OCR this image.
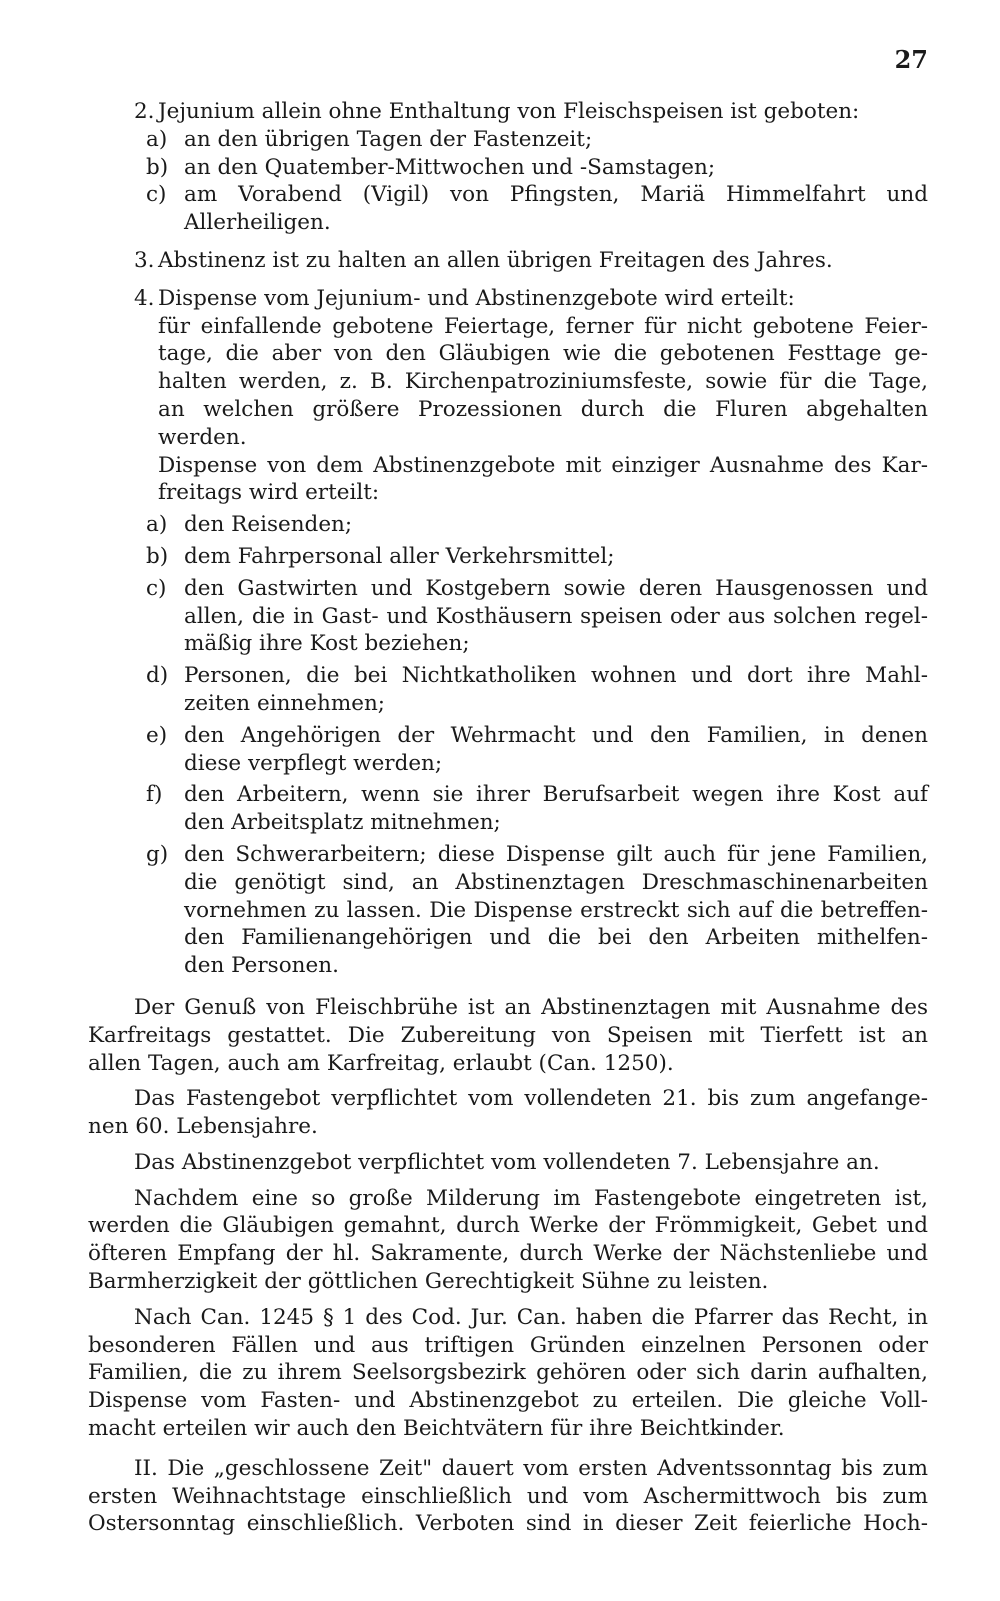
27
2. Jejunium allein ohne Enthaltung von Fleischspeisen ist geboten:
a) an den übrigen Tagen der Fastenzeit;
b) an den Quatember-Mittwochen und -Samstagen;
c) am Vorabend (Vigil) von Pfingsten, Mariä Himmelfahrt und
Allerheiligen.
3. Abstinenz ist zu halten an allen übrigen Freitagen des Jahres.
4. Dispense vom Jejunium- und Abstinenzgebote wird erteilt:
für einfallende gebotene Feiertage, ferner für nicht gebotene Feier-
tage, die aber von den Gläubigen wie die gebotenen Festtage ge-
halten werden, z. B. Kirchenpatroziniumsfeste, sowie für die Tage,
an welchen größere Prozessionen durch die Fluren abgehalten werden.
Dispense von dem Abstinenzgebote mit einziger Ausnahme des Kar-
freitags wird erteilt:
a) den Reisenden;
b) dem Fahrpersonal aller Verkehrsmittel;
c) den Gastwirten und Kostgebern sowie deren Hausgenossen und
allen, die in Gast- und Kosthäusern speisen oder aus solchen regel-
mäßig ihre Kost beziehen;
d) Personen, die bei Nichtkatholiken wohnen und dort ihre Mahl-
zeiten einnehmen;
e) den Angehörigen der Wehrmacht und den Familien, in denen
diese verpflegt werden;
f)	den Arbeitern, wenn sie ihrer Berufsarbeit wegen ihre Kost auf
den Arbeitsplatz mitnehmen;
g) den Schwerarbeitern; diese Dispense gilt auch für jene Familien,
die genötigt sind, an Abstinenztagen Dreschmaschinenarbeiten
vornehmen zu lassen. Die Dispense erstreckt sich auf die betreffen-
den Familienangehörigen und die bei den Arbeiten mithelfen-
den Personen.
Der Genuß von Fleischbrühe ist an Abstinenztagen mit Ausnahme des
Karfreitags gestattet. Die Zubereitung von Speisen mit Tierfett ist an
allen Tagen, auch am Karfreitag, erlaubt (Can. 1250).
Das Fastengebot verpflichtet vom vollendeten 21. bis zum angefange-
nen 60. Lebensjahre.
Das Abstinenzgebot verpflichtet vom vollendeten 7. Lebensjahre an.
Nachdem eine so große Milderung im Fastengebote eingetreten ist,
werden die Gläubigen gemahnt, durch Werke der Frömmigkeit, Gebet und
öfteren Empfang der hl. Sakramente, durch Werke der Nächstenliebe und
Barmherzigkeit der göttlichen Gerechtigkeit Sühne zu leisten.
Nach Can. 1245 § 1 des Cod. Jur. Can. haben die Pfarrer das Recht, in
besonderen Fällen und aus triftigen Gründen einzelnen Personen oder
Familien, die zu ihrem Seelsorgsbezirk gehören oder sich darin aufhalten,
Dispense vom Fasten- und Abstinenzgebot zu erteilen. Die gleiche Voll-
macht erteilen wir auch den Beichtvätern für ihre Beichtkinder.
II. Die „geschlossene Zeit" dauert vom ersten Adventssonntag bis zum
ersten Weihnachtstage einschließlich und vom Aschermittwoch bis zum
Ostersonntag einschließlich. Verboten sind in dieser Zeit feierliche Hoch-
